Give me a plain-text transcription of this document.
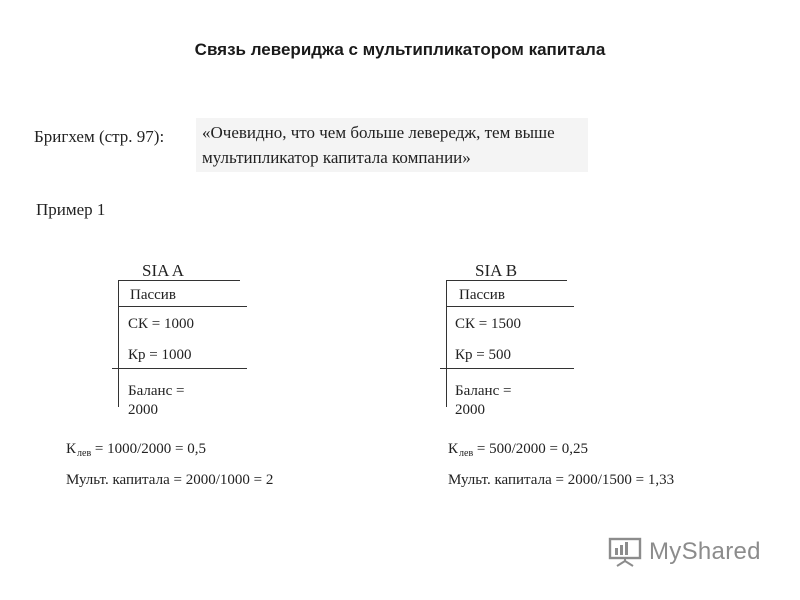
Связь левериджа с мультипликатором капитала
Бригхем (стр. 97): «Очевидно, что чем больше левередж, тем выше
мультипликатор капитала компании»
Пример 1
SIA A
Пассив
СК = 1000
Кр = 1000
Баланс =
2000
SIA B
Пассив
СК = 1500
Кр = 500
Баланс =
2000
$К_{лев} = 1000/2000 = 0,5$
Мульт. капитала = 2000/1000 = 2
$К_{лев} = 500/2000 = 0,25$
Мульт. капитала = 2000/1500 = 1,33
MyShared
